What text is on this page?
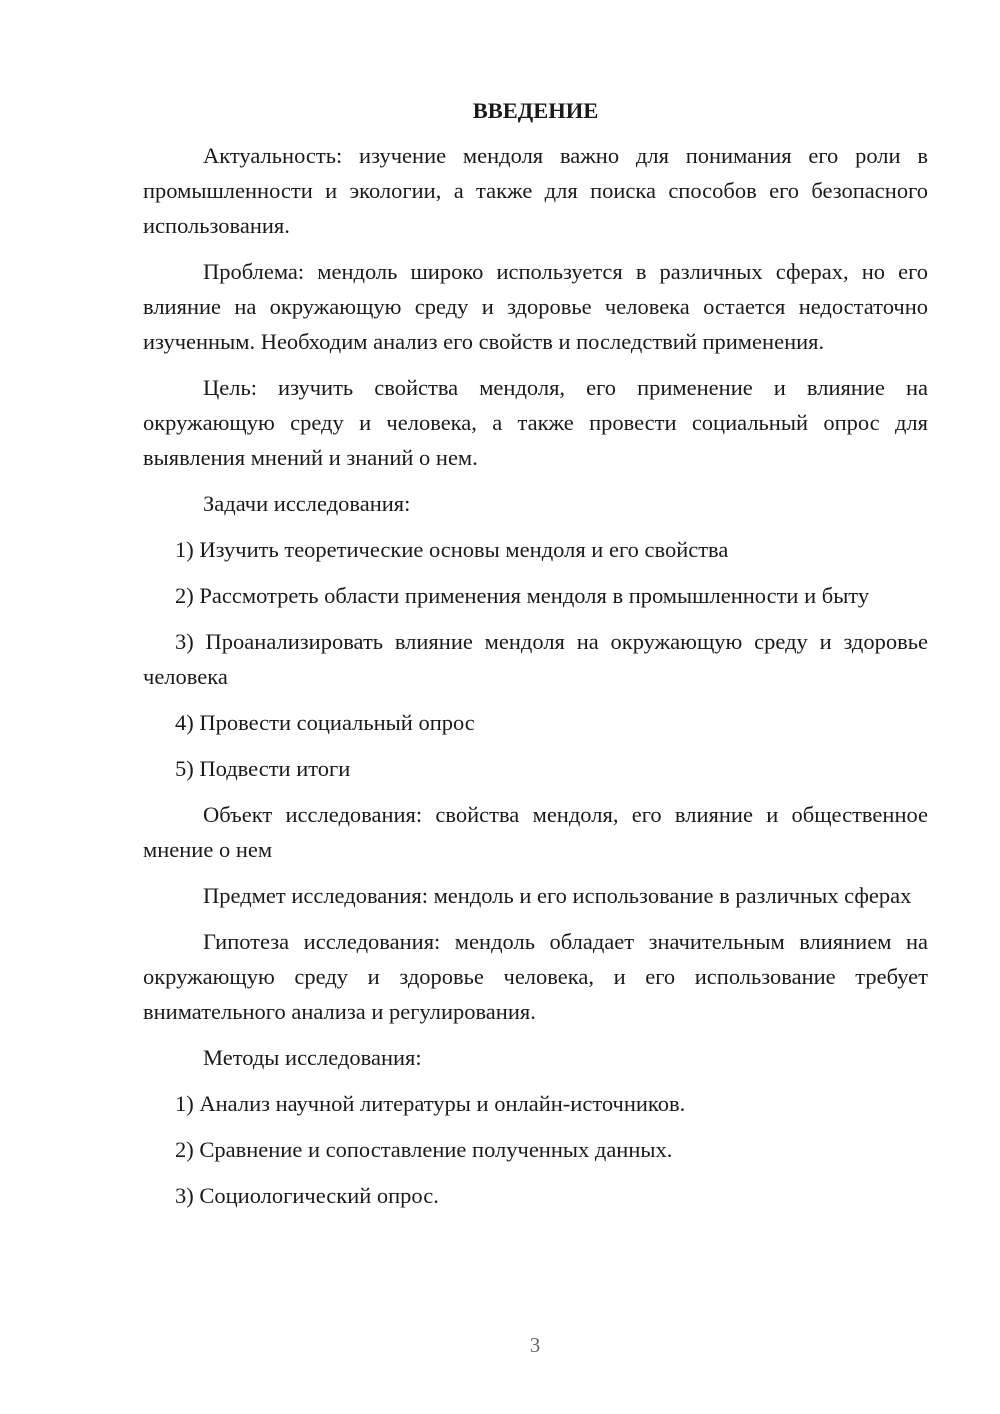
ВВЕДЕНИЕ

Актуальность: изучение мендоля важно для понимания его роли в промышленности и экологии, а также для поиска способов его безопасного использования.

Проблема: мендоль широко используется в различных сферах, но его влияние на окружающую среду и здоровье человека остается недостаточно изученным. Необходим анализ его свойств и последствий применения.

Цель: изучить свойства мендоля, его применение и влияние на окружающую среду и человека, а также провести социальный опрос для выявления мнений и знаний о нем.

Задачи исследования:

1) Изучить теоретические основы мендоля и его свойства

2) Рассмотреть области применения мендоля в промышленности и быту

3) Проанализировать влияние мендоля на окружающую среду и здоровье человека

4) Провести социальный опрос

5) Подвести итоги

Объект исследования: свойства мендоля, его влияние и общественное мнение о нем

Предмет исследования: мендоль и его использование в различных сферах

Гипотеза исследования: мендоль обладает значительным влиянием на окружающую среду и здоровье человека, и его использование требует внимательного анализа и регулирования.

Методы исследования:

1) Анализ научной литературы и онлайн-источников.

2) Сравнение и сопоставление полученных данных.

3) Социологический опрос.

3
